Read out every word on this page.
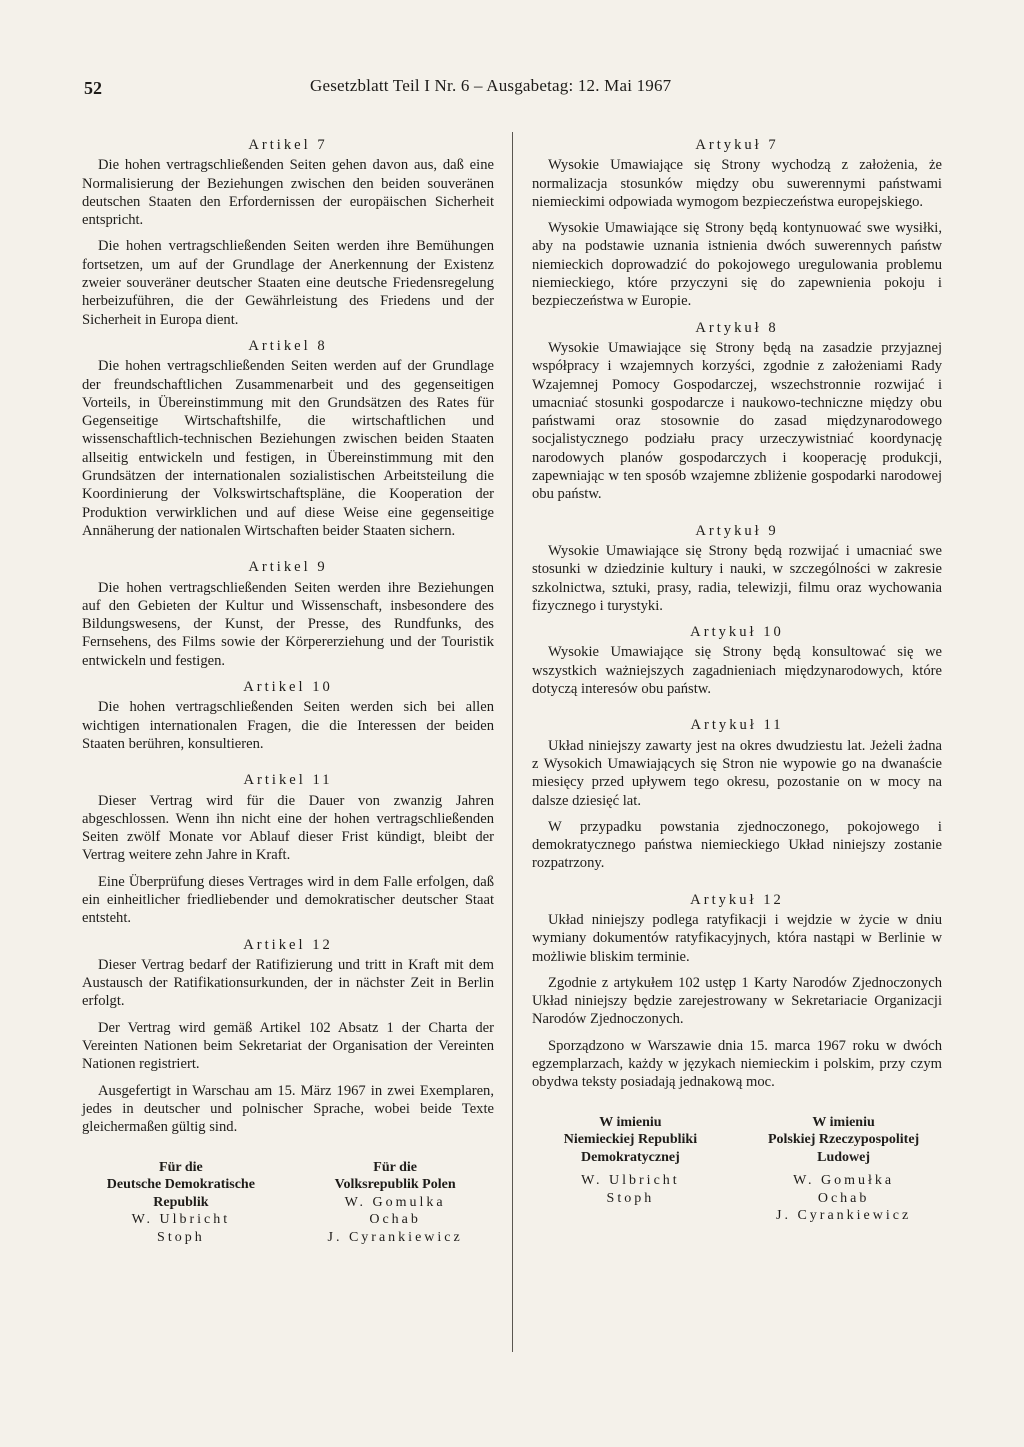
52	Gesetzblatt Teil I Nr. 6 – Ausgabetag: 12. Mai 1967

Artikel 7

Die hohen vertragschließenden Seiten gehen davon aus, daß eine Normalisierung der Beziehungen zwischen den beiden souveränen deutschen Staaten den Erfordernissen der europäischen Sicherheit entspricht.

Die hohen vertragschließenden Seiten werden ihre Bemühungen fortsetzen, um auf der Grundlage der Anerkennung der Existenz zweier souveräner deutscher Staaten eine deutsche Friedensregelung herbeizuführen, die der Gewährleistung des Friedens und der Sicherheit in Europa dient.

Artikel 8

Die hohen vertragschließenden Seiten werden auf der Grundlage der freundschaftlichen Zusammenarbeit und des gegenseitigen Vorteils, in Übereinstimmung mit den Grundsätzen des Rates für Gegenseitige Wirtschaftshilfe, die wirtschaftlichen und wissenschaftlich-technischen Beziehungen zwischen beiden Staaten allseitig entwickeln und festigen, in Übereinstimmung mit den Grundsätzen der internationalen sozialistischen Arbeitsteilung die Koordinierung der Volkswirtschaftspläne, die Kooperation der Produktion verwirklichen und auf diese Weise eine gegenseitige Annäherung der nationalen Wirtschaften beider Staaten sichern.

Artikel 9

Die hohen vertragschließenden Seiten werden ihre Beziehungen auf den Gebieten der Kultur und Wissenschaft, insbesondere des Bildungswesens, der Kunst, der Presse, des Rundfunks, des Fernsehens, des Films sowie der Körpererziehung und der Touristik entwickeln und festigen.

Artikel 10

Die hohen vertragschließenden Seiten werden sich bei allen wichtigen internationalen Fragen, die die Interessen der beiden Staaten berühren, konsultieren.

Artikel 11

Dieser Vertrag wird für die Dauer von zwanzig Jahren abgeschlossen. Wenn ihn nicht eine der hohen vertragschließenden Seiten zwölf Monate vor Ablauf dieser Frist kündigt, bleibt der Vertrag weitere zehn Jahre in Kraft.

Eine Überprüfung dieses Vertrages wird in dem Falle erfolgen, daß ein einheitlicher friedliebender und demokratischer deutscher Staat entsteht.

Artikel 12

Dieser Vertrag bedarf der Ratifizierung und tritt in Kraft mit dem Austausch der Ratifikationsurkunden, der in nächster Zeit in Berlin erfolgt.

Der Vertrag wird gemäß Artikel 102 Absatz 1 der Charta der Vereinten Nationen beim Sekretariat der Organisation der Vereinten Nationen registriert.

Ausgefertigt in Warschau am 15. März 1967 in zwei Exemplaren, jedes in deutscher und polnischer Sprache, wobei beide Texte gleichermaßen gültig sind.

Für die

Deutsche Demokratische

Republik

W. Ulbricht

Stoph

Für die

Volksrepublik Polen

W. Gomulka

Ochab

J. Cyrankiewicz

Artykuł 7

Wysokie Umawiające się Strony wychodzą z założenia, że normalizacja stosunków między obu suwerennymi państwami niemieckimi odpowiada wymogom bezpieczeństwa europejskiego.

Wysokie Umawiające się Strony będą kontynuować swe wysiłki, aby na podstawie uznania istnienia dwóch suwerennych państw niemieckich doprowadzić do pokojowego uregulowania problemu niemieckiego, które przyczyni się do zapewnienia pokoju i bezpieczeństwa w Europie.

Artykuł 8

Wysokie Umawiające się Strony będą na zasadzie przyjaznej współpracy i wzajemnych korzyści, zgodnie z założeniami Rady Wzajemnej Pomocy Gospodarczej, wszechstronnie rozwijać i umacniać stosunki gospodarcze i naukowo-techniczne między obu państwami oraz stosownie do zasad międzynarodowego socjalistycznego podziału pracy urzeczywistniać koordynację narodowych planów gospodarczych i kooperację produkcji, zapewniając w ten sposób wzajemne zbliżenie gospodarki narodowej obu państw.

Artykuł 9

Wysokie Umawiające się Strony będą rozwijać i umacniać swe stosunki w dziedzinie kultury i nauki, w szczególności w zakresie szkolnictwa, sztuki, prasy, radia, telewizji, filmu oraz wychowania fizycznego i turystyki.

Artykuł 10

Wysokie Umawiające się Strony będą konsultować się we wszystkich ważniejszych zagadnieniach międzynarodowych, które dotyczą interesów obu państw.

Artykuł 11

Układ niniejszy zawarty jest na okres dwudziestu lat. Jeżeli żadna z Wysokich Umawiających się Stron nie wypowie go na dwanaście miesięcy przed upływem tego okresu, pozostanie on w mocy na dalsze dziesięć lat.

W przypadku powstania zjednoczonego, pokojowego i demokratycznego państwa niemieckiego Układ niniejszy zostanie rozpatrzony.

Artykuł 12

Układ niniejszy podlega ratyfikacji i wejdzie w życie w dniu wymiany dokumentów ratyfikacyjnych, która nastąpi w Berlinie w możliwie bliskim terminie.

Zgodnie z artykułem 102 ustęp 1 Karty Narodów Zjednoczonych Układ niniejszy będzie zarejestrowany w Sekretariacie Organizacji Narodów Zjednoczonych.

Sporządzono w Warszawie dnia 15. marca 1967 roku w dwóch egzemplarzach, każdy w językach niemieckim i polskim, przy czym obydwa teksty posiadają jednakową moc.

W imieniu

Niemieckiej Republiki

Demokratycznej

W. Ulbricht

Stoph

W imieniu

Polskiej Rzeczypospolitej

Ludowej

W. Gomułka

Ochab

J. Cyrankiewicz
